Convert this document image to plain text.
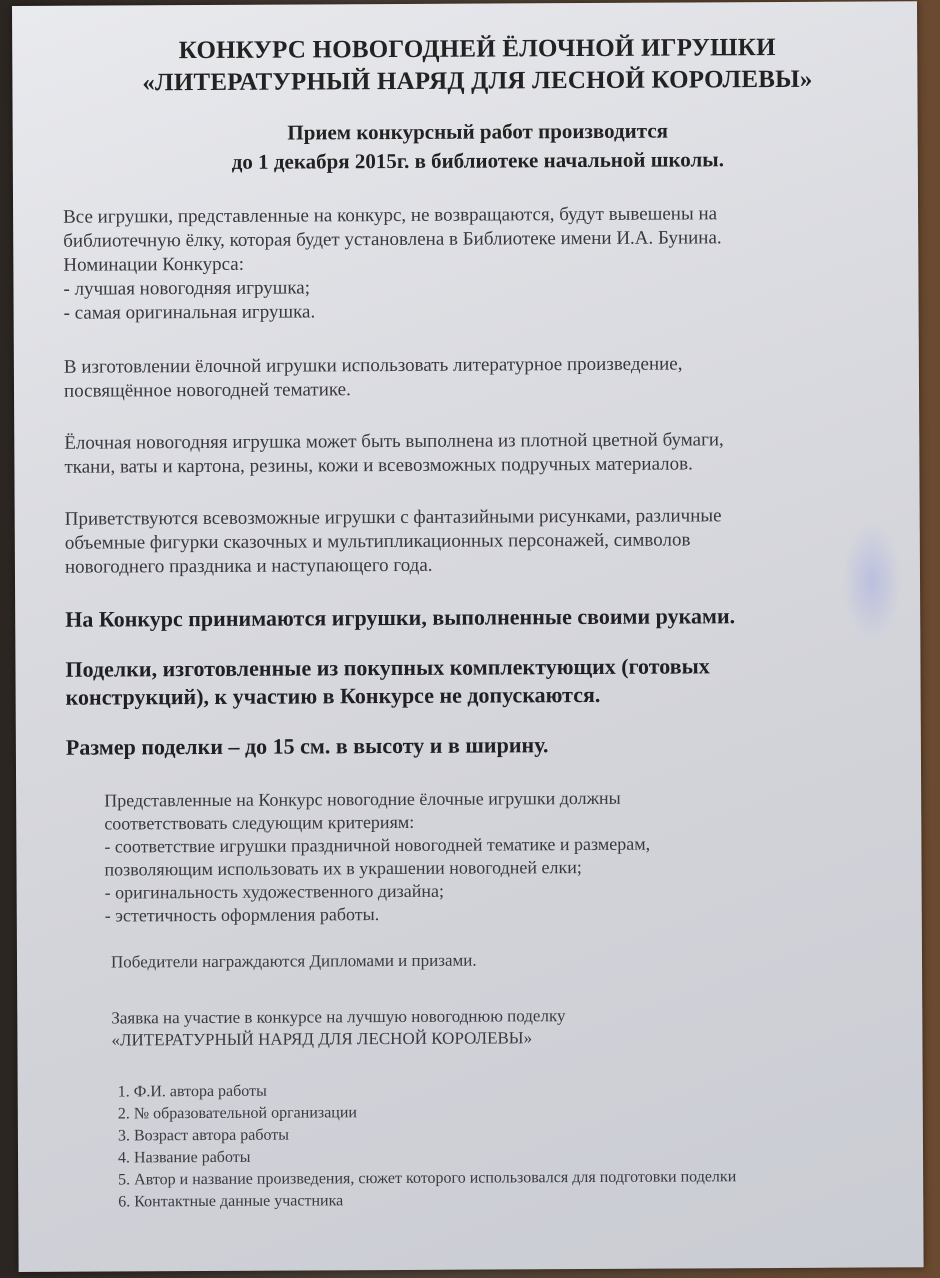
КОНКУРС НОВОГОДНЕЙ ЁЛОЧНОЙ ИГРУШКИ
«ЛИТЕРАТУРНЫЙ НАРЯД ДЛЯ ЛЕСНОЙ КОРОЛЕВЫ»
Прием конкурсный работ производится
до 1 декабря 2015г. в библиотеке начальной школы.

Все игрушки, представленные на конкурс, не возвращаются, будут вывешены на
библиотечную ёлку, которая будет установлена в Библиотеке имени И.А. Бунина.
Номинации Конкурса:
- лучшая новогодняя игрушка;
- самая оригинальная игрушка.

В изготовлении ёлочной игрушки использовать литературное произведение,
посвящённое новогодней тематике.

Ёлочная новогодняя игрушка может быть выполнена из плотной цветной бумаги,
ткани, ваты и картона, резины, кожи и всевозможных подручных материалов.

Приветствуются всевозможные игрушки с фантазийными рисунками, различные
объемные фигурки сказочных и мультипликационных персонажей, символов
новогоднего праздника и наступающего года.

На Конкурс принимаются игрушки, выполненные своими руками.

Поделки, изготовленные из покупных комплектующих (готовых
конструкций), к участию в Конкурсе не допускаются.

Размер поделки – до 15 см. в высоту и в ширину.

Представленные на Конкурс новогодние ёлочные игрушки должны
соответствовать следующим критериям:
- соответствие игрушки праздничной новогодней тематике и размерам,
позволяющим использовать их в украшении новогодней елки;
- оригинальность художественного дизайна;
- эстетичность оформления работы.

Победители награждаются Дипломами и призами.

Заявка на участие в конкурсе на лучшую новогоднюю поделку
«ЛИТЕРАТУРНЫЙ НАРЯД ДЛЯ ЛЕСНОЙ КОРОЛЕВЫ»

1. Ф.И. автора работы
2. № образовательной организации
3. Возраст автора работы
4. Название работы
5. Автор и название произведения, сюжет которого использовался для подготовки поделки
6. Контактные данные участника
